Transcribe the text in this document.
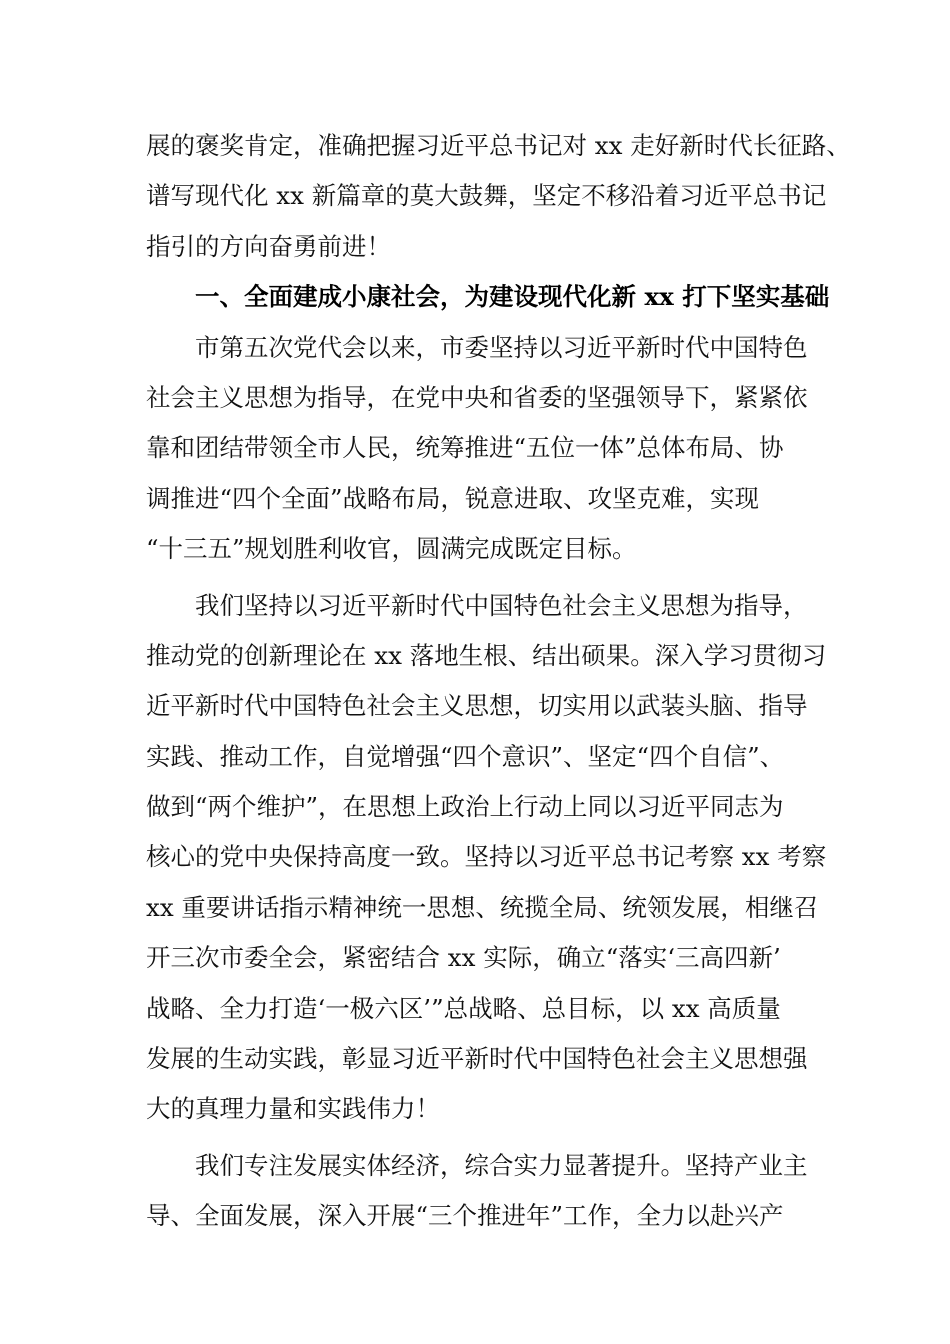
展的褒奖肯定，准确把握习近平总书记对 xx 走好新时代长征路、
谱写现代化 xx 新篇章的莫大鼓舞，坚定不移沿着习近平总书记
指引的方向奋勇前进！
　　一、全面建成小康社会，为建设现代化新 xx 打下坚实基础
　　市第五次党代会以来，市委坚持以习近平新时代中国特色
社会主义思想为指导，在党中央和省委的坚强领导下，紧紧依
靠和团结带领全市人民，统筹推进“五位一体”总体布局、协
调推进“四个全面”战略布局，锐意进取、攻坚克难，实现
“十三五”规划胜利收官，圆满完成既定目标。
　　我们坚持以习近平新时代中国特色社会主义思想为指导，
推动党的创新理论在 xx 落地生根、结出硕果。深入学习贯彻习
近平新时代中国特色社会主义思想，切实用以武装头脑、指导
实践、推动工作，自觉增强“四个意识”、坚定“四个自信”、
做到“两个维护”，在思想上政治上行动上同以习近平同志为
核心的党中央保持高度一致。坚持以习近平总书记考察 xx 考察
xx 重要讲话指示精神统一思想、统揽全局、统领发展，相继召
开三次市委全会，紧密结合 xx 实际，确立“落实‘三高四新’
战略、全力打造‘一极六区’”总战略、总目标，以 xx 高质量
发展的生动实践，彰显习近平新时代中国特色社会主义思想强
大的真理力量和实践伟力！
　　我们专注发展实体经济，综合实力显著提升。坚持产业主
导、全面发展，深入开展“三个推进年”工作，全力以赴兴产
